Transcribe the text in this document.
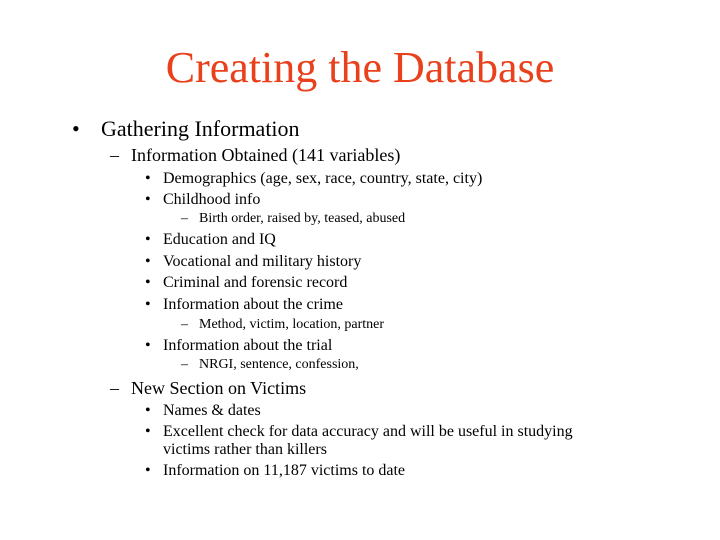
Creating the Database
• Gathering Information
– Information Obtained (141 variables)
• Demographics (age, sex, race, country, state, city)
• Childhood info
– Birth order, raised by, teased, abused
• Education and IQ
• Vocational and military history
• Criminal and forensic record
• Information about the crime
– Method, victim, location, partner
• Information about the trial
– NRGI, sentence, confession,
– New Section on Victims
• Names & dates
• Excellent check for data accuracy and will be useful in studying
victims rather than killers
• Information on 11,187 victims to date
